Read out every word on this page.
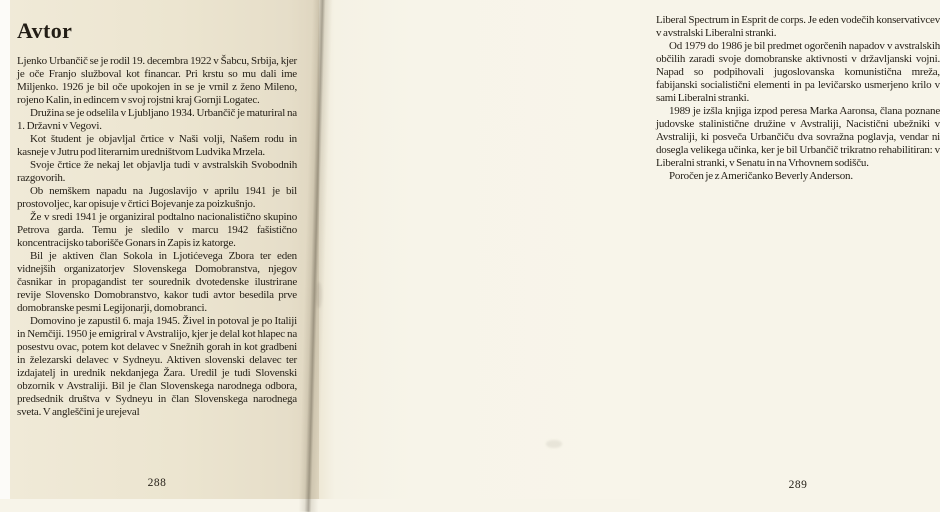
Avtor

Ljenko Urbančič se je rodil 19. decembra 1922 v Šabcu, Srbija, kjer je oče Franjo služboval kot financar. Pri krstu so mu dali ime Miljenko. 1926 je bil oče upokojen in se je vrnil z ženo Mileno, rojeno Kalin, in edincem v svoj rojstni kraj Gornji Logatec.

Družina se je odselila v Ljubljano 1934. Urbančič je maturiral na 1. Državni v Vegovi.

Kot študent je objavljal črtice v Naši volji, Našem rodu in kasneje v Jutru pod literarnim uredništvom Ludvika Mrzela.

Svoje črtice že nekaj let objavlja tudi v avstralskih Svobodnih razgovorih.

Ob nemškem napadu na Jugoslavijo v aprilu 1941 je bil prostovoljec, kar opisuje v črtici Bojevanje za poizkušnjo.

Že v sredi 1941 je organiziral podtalno nacionalistično skupino Petrova garda. Temu je sledilo v marcu 1942 fašistično koncentracijsko taborišče Gonars in Zapis iz katorge.

Bil je aktiven član Sokola in Ljotićevega Zbora ter eden vidnejših organizatorjev Slovenskega Domobranstva, njegov časnikar in propagandist ter sourednik dvotedenske ilustrirane revije Slovensko Domobranstvo, kakor tudi avtor besedila prve domobranske pesmi Legijonarji, domobranci.

Domovino je zapustil 6. maja 1945. Živel in potoval je po Italiji in Nemčiji. 1950 je emigriral v Avstralijo, kjer je delal kot hlapec na posestvu ovac, potem kot delavec v Snežnih gorah in kot gradbeni in železarski delavec v Sydneyu. Aktiven slovenski delavec ter izdajatelj in urednik nekdanjega Žara. Uredil je tudi Slovenski obzornik v Avstraliji. Bil je član Slovenskega narodnega odbora, predsednik društva v Sydneyu in član Slovenskega narodnega sveta. V angleščini je urejeval

288

Liberal Spectrum in Esprit de corps. Je eden vodečih konservativcev v avstralski Liberalni stranki.

Od 1979 do 1986 je bil predmet ogorčenih napadov v avstralskih občilih zaradi svoje domobranske aktivnosti v državljanski vojni. Napad so podpihovali jugoslovanska komunistična mreža, fabijanski socialistični elementi in pa levičarsko usmerjeno krilo v sami Liberalni stranki.

1989 je izšla knjiga izpod peresa Marka Aaronsa, člana poznane judovske stalinistične družine v Avstraliji, Nacistični ubežniki v Avstraliji, ki posveča Urbančiču dva sovražna poglavja, vendar ni dosegla velikega učinka, ker je bil Urbančič trikratno rehabilitiran: v Liberalni stranki, v Senatu in na Vrhovnem sodišču.

Poročen je z Američanko Beverly Anderson.

289
